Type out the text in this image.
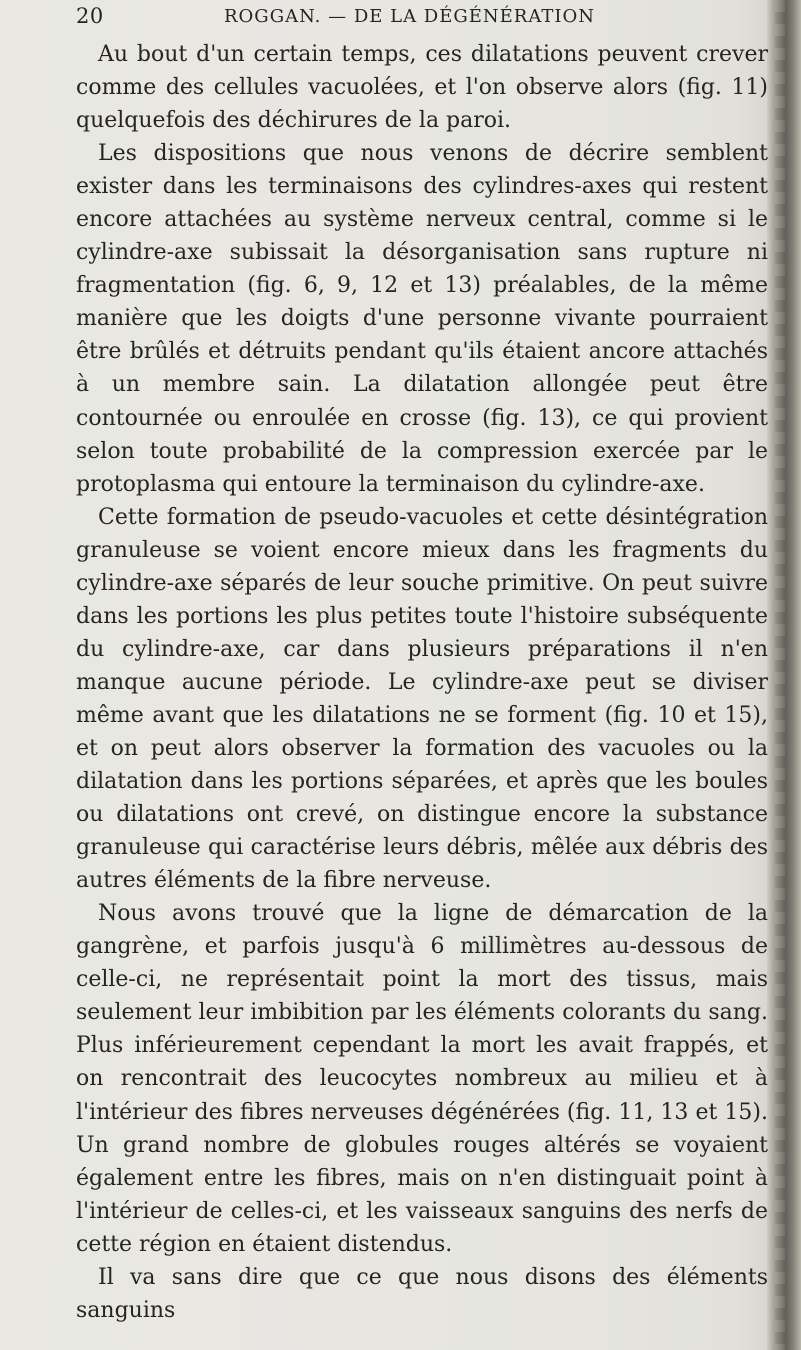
20	ROGGAN. — DE LA DÉGÉNÉRATION

Au bout d'un certain temps, ces dilatations peuvent crever comme des cellules vacuolées, et l'on observe alors (fig. 11) quelquefois des déchirures de la paroi.

Les dispositions que nous venons de décrire semblent exister dans les terminaisons des cylindres-axes qui restent encore attachées au système nerveux central, comme si le cylindre-axe subissait la désorganisation sans rupture ni fragmentation (fig. 6, 9, 12 et 13) préalables, de la même manière que les doigts d'une personne vivante pourraient être brûlés et détruits pendant qu'ils étaient ancore attachés à un membre sain. La dilatation allongée peut être contournée ou enroulée en crosse (fig. 13), ce qui provient selon toute probabilité de la compression exercée par le protoplasma qui entoure la terminaison du cylindre-axe.

Cette formation de pseudo-vacuoles et cette désintégration granuleuse se voient encore mieux dans les fragments du cylindre-axe séparés de leur souche primitive. On peut suivre dans les portions les plus petites toute l'histoire subséquente du cylindre-axe, car dans plusieurs préparations il n'en manque aucune période. Le cylindre-axe peut se diviser même avant que les dilatations ne se forment (fig. 10 et 15), et on peut alors observer la formation des vacuoles ou la dilatation dans les portions séparées, et après que les boules ou dilatations ont crevé, on distingue encore la substance granuleuse qui caractérise leurs débris, mêlée aux débris des autres éléments de la fibre nerveuse.

Nous avons trouvé que la ligne de démarcation de la gangrène, et parfois jusqu'à 6 millimètres au-dessous de celle-ci, ne représentait point la mort des tissus, mais seulement leur imbibition par les éléments colorants du sang. Plus inférieurement cependant la mort les avait frappés, et on rencontrait des leucocytes nombreux au milieu et à l'intérieur des fibres nerveuses dégénérées (fig. 11, 13 et 15). Un grand nombre de globules rouges altérés se voyaient également entre les fibres, mais on n'en distinguait point à l'intérieur de celles-ci, et les vaisseaux sanguins des nerfs de cette région en étaient distendus.

Il va sans dire que ce que nous disons des éléments sanguins
